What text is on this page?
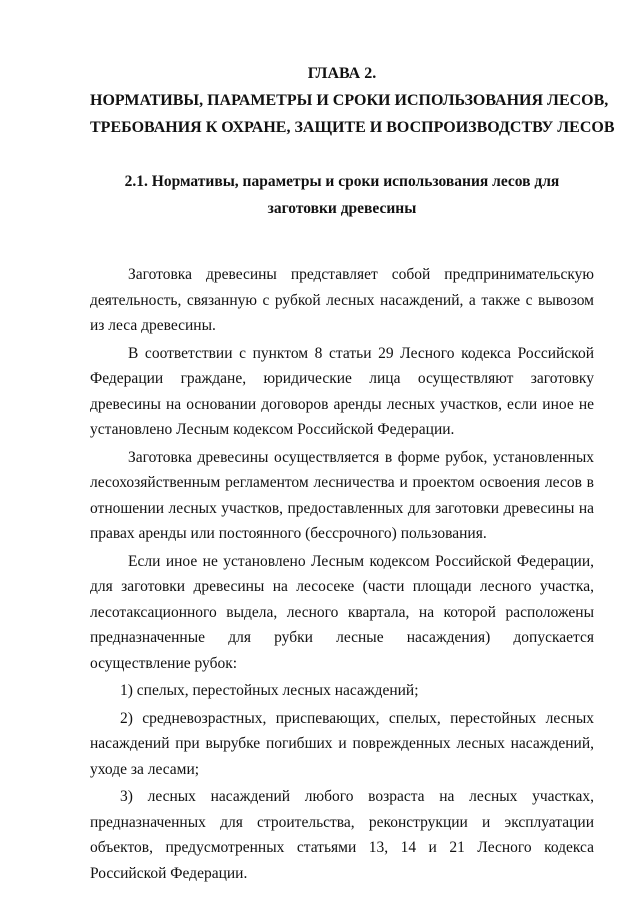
ГЛАВА 2.
НОРМАТИВЫ, ПАРАМЕТРЫ И СРОКИ ИСПОЛЬЗОВАНИЯ ЛЕСОВ,
ТРЕБОВАНИЯ К ОХРАНЕ, ЗАЩИТЕ И ВОСПРОИЗВОДСТВУ ЛЕСОВ
2.1. Нормативы, параметры и сроки использования лесов для заготовки древесины

Заготовка древесины представляет собой предпринимательскую деятельность, связанную с рубкой лесных насаждений, а также с вывозом из леса древесины.

В соответствии с пунктом 8 статьи 29 Лесного кодекса Российской Федерации граждане, юридические лица осуществляют заготовку древесины на основании договоров аренды лесных участков, если иное не установлено Лесным кодексом Российской Федерации.

Заготовка древесины осуществляется в форме рубок, установленных лесохозяйственным регламентом лесничества и проектом освоения лесов в отношении лесных участков, предоставленных для заготовки древесины на правах аренды или постоянного (бессрочного) пользования.

Если иное не установлено Лесным кодексом Российской Федерации, для заготовки древесины на лесосеке (части площади лесного участка, лесотаксационного выдела, лесного квартала, на которой расположены предназначенные для рубки лесные насаждения) допускается осуществление рубок:

1) спелых, перестойных лесных насаждений;

2) средневозрастных, приспевающих, спелых, перестойных лесных насаждений при вырубке погибших и поврежденных лесных насаждений, уходе за лесами;

3) лесных насаждений любого возраста на лесных участках, предназначенных для строительства, реконструкции и эксплуатации объектов, предусмотренных статьями 13, 14 и 21 Лесного кодекса Российской Федерации.
